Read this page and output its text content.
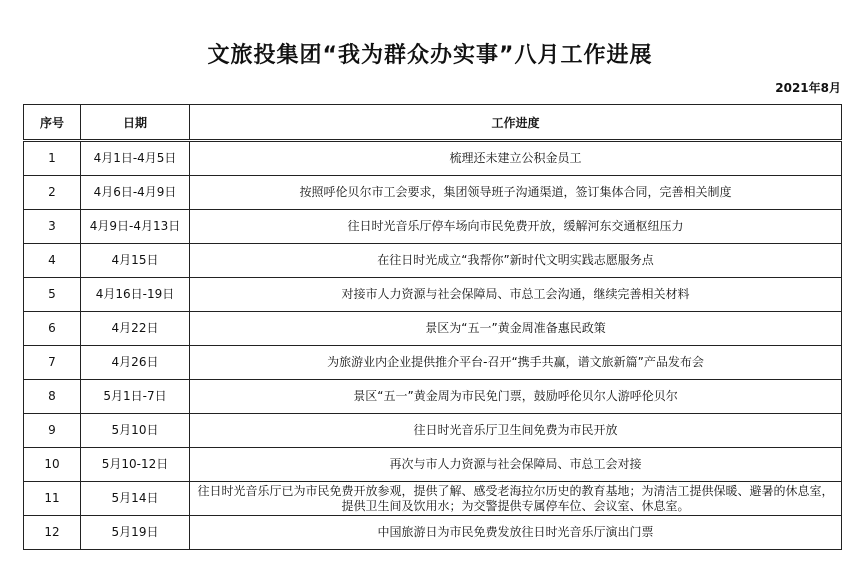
文旅投集团“我为群众办实事”八月工作进展
2021年8月
序号	日期	工作进度
1	4月1日-4月5日	梳理还未建立公积金员工
2	4月6日-4月9日	按照呼伦贝尔市工会要求，集团领导班子沟通渠道，签订集体合同，完善相关制度
3	4月9日-4月13日	往日时光音乐厅停车场向市民免费开放，缓解河东交通枢纽压力
4	4月15日	在往日时光成立“我帮你”新时代文明实践志愿服务点
5	4月16日-19日	对接市人力资源与社会保障局、市总工会沟通，继续完善相关材料
6	4月22日	景区为“五一”黄金周准备惠民政策
7	4月26日	为旅游业内企业提供推介平台-召开“携手共赢，谱文旅新篇”产品发布会
8	5月1日-7日	景区“五一”黄金周为市民免门票，鼓励呼伦贝尔人游呼伦贝尔
9	5月10日	往日时光音乐厅卫生间免费为市民开放
10	5月10-12日	再次与市人力资源与社会保障局、市总工会对接
11	5月14日	往日时光音乐厅已为市民免费开放参观，提供了解、感受老海拉尔历史的教育基地；为清洁工提供保暖、避暑的休息室，提供卫生间及饮用水；为交警提供专属停车位、会议室、休息室。
12	5月19日	中国旅游日为市民免费发放往日时光音乐厅演出门票
